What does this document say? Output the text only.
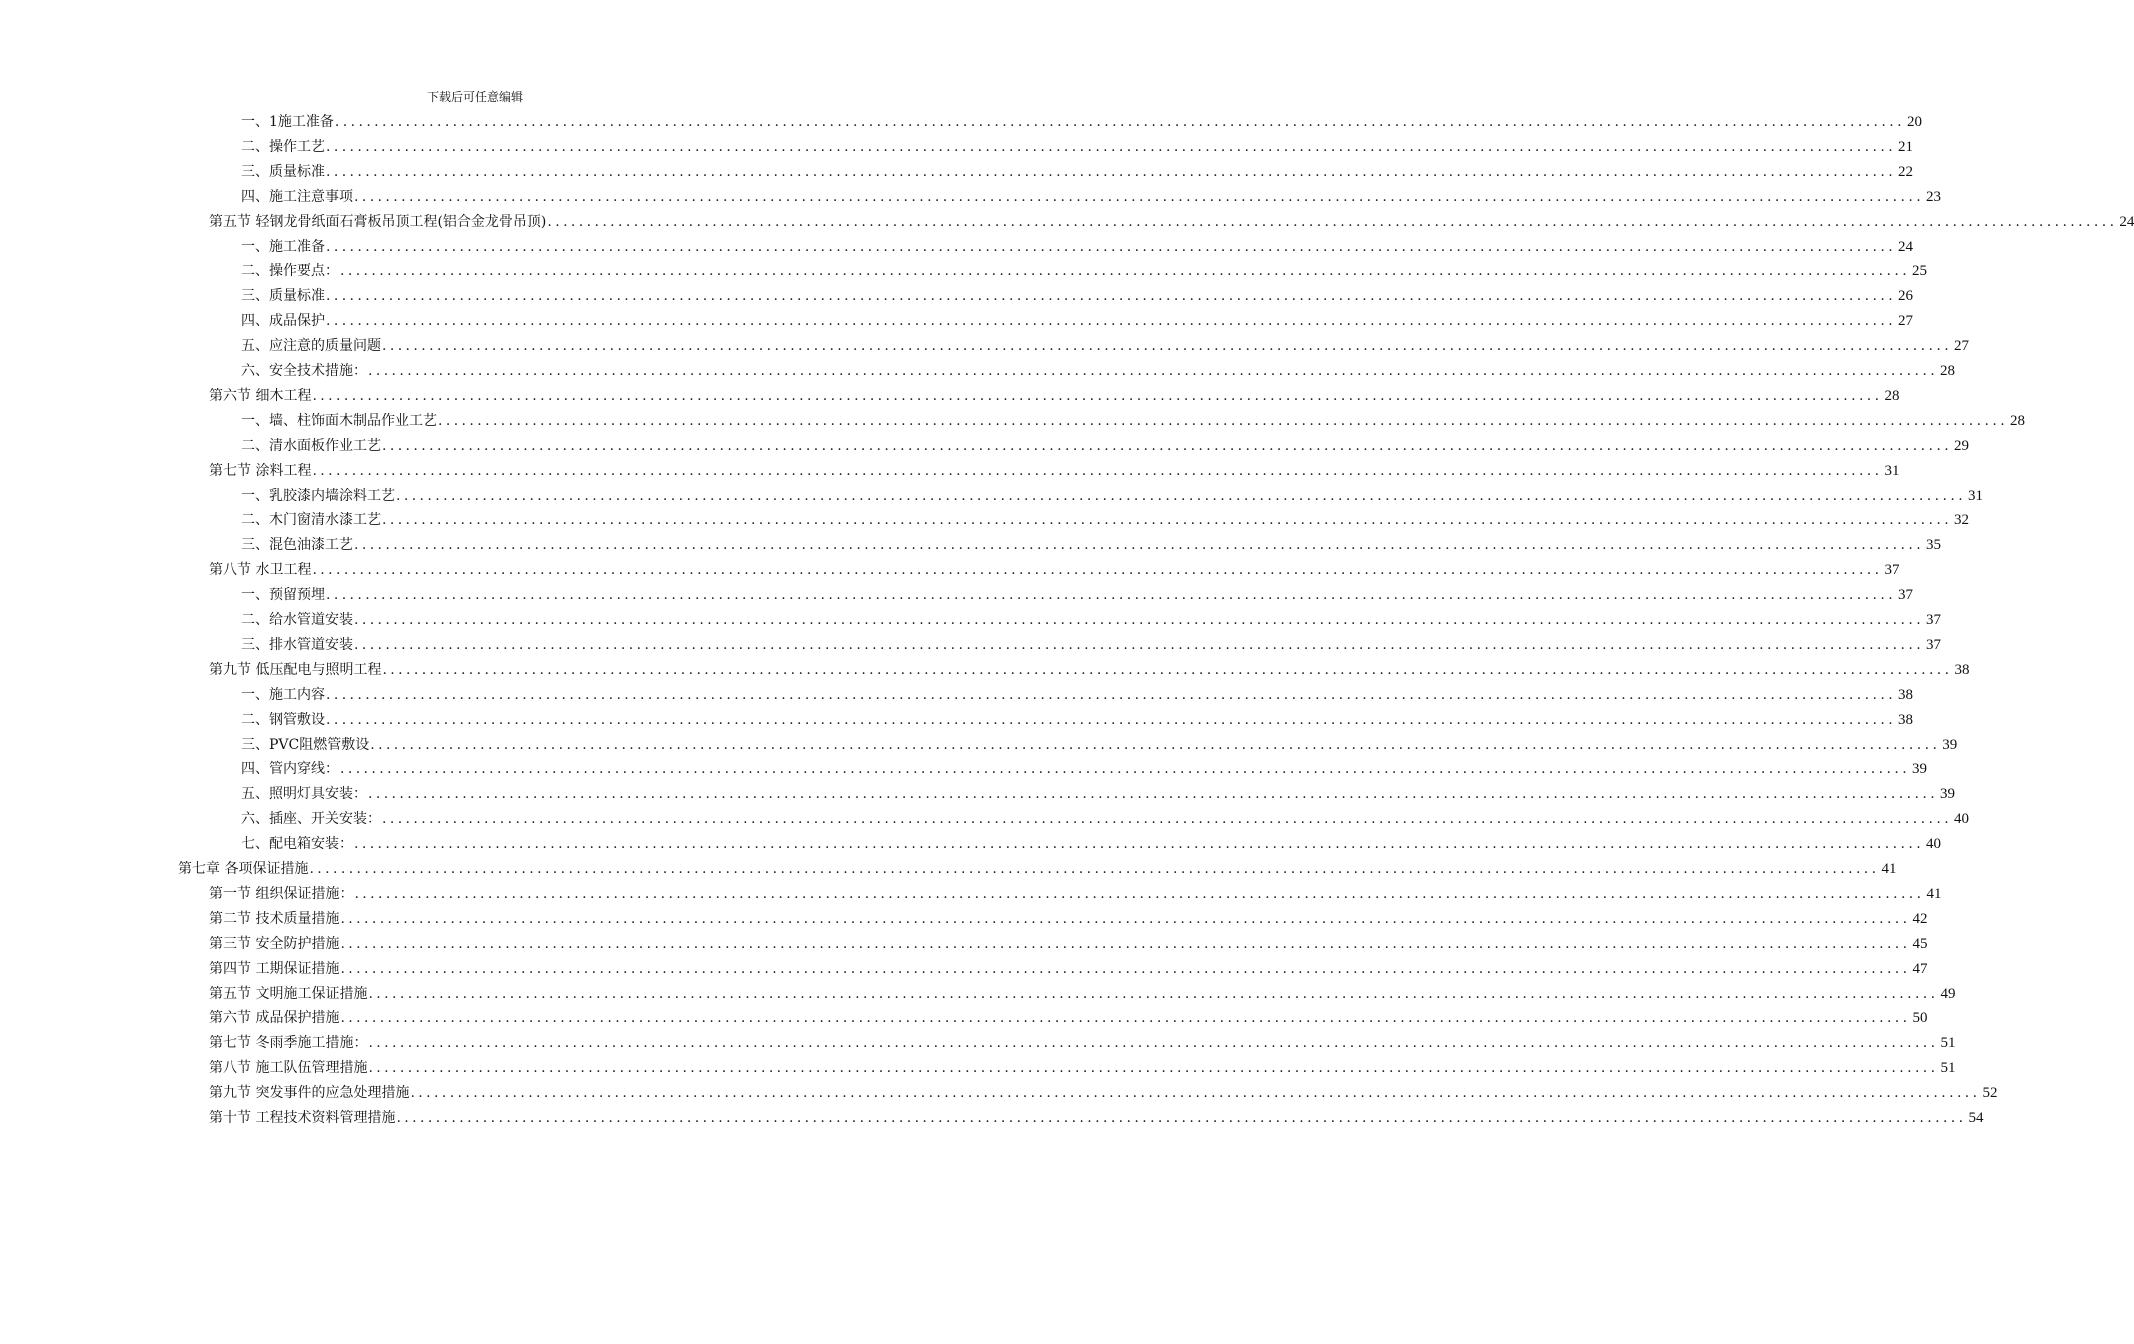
下载后可任意编辑
一、1施工准备 ........................................................................................................................................................................................................ 20
二、操作工艺 ........................................................................................................................................................................................................ 21
三、质量标准 ........................................................................................................................................................................................................ 22
四、施工注意事项 ........................................................................................................................................................................................................ 23
第五节 轻钢龙骨纸面石膏板吊顶工程(铝合金龙骨吊顶) ........................................................................................................................................................................................................ 24
一、施工准备 ........................................................................................................................................................................................................ 24
二、操作要点： ........................................................................................................................................................................................................ 25
三、质量标准 ........................................................................................................................................................................................................ 26
四、成品保护 ........................................................................................................................................................................................................ 27
五、应注意的质量问题 ........................................................................................................................................................................................................ 27
六、安全技术措施： ........................................................................................................................................................................................................ 28
第六节 细木工程 ........................................................................................................................................................................................................ 28
一、墙、柱饰面木制品作业工艺 ........................................................................................................................................................................................................ 28
二、清水面板作业工艺 ........................................................................................................................................................................................................ 29
第七节 涂料工程 ........................................................................................................................................................................................................ 31
一、乳胶漆内墙涂料工艺 ........................................................................................................................................................................................................ 31
二、木门窗清水漆工艺 ........................................................................................................................................................................................................ 32
三、混色油漆工艺 ........................................................................................................................................................................................................ 35
第八节 水卫工程 ........................................................................................................................................................................................................ 37
一、预留预埋 ........................................................................................................................................................................................................ 37
二、给水管道安装 ........................................................................................................................................................................................................ 37
三、排水管道安装 ........................................................................................................................................................................................................ 37
第九节 低压配电与照明工程 ........................................................................................................................................................................................................ 38
一、施工内容 ........................................................................................................................................................................................................ 38
二、钢管敷设 ........................................................................................................................................................................................................ 38
三、PVC阻燃管敷设 ........................................................................................................................................................................................................ 39
四、管内穿线： ........................................................................................................................................................................................................ 39
五、照明灯具安装： ........................................................................................................................................................................................................ 39
六、插座、开关安装： ........................................................................................................................................................................................................ 40
七、配电箱安装： ........................................................................................................................................................................................................ 40
第七章 各项保证措施 ........................................................................................................................................................................................................ 41
第一节 组织保证措施： ........................................................................................................................................................................................................ 41
第二节 技术质量措施 ........................................................................................................................................................................................................ 42
第三节 安全防护措施 ........................................................................................................................................................................................................ 45
第四节 工期保证措施 ........................................................................................................................................................................................................ 47
第五节 文明施工保证措施 ........................................................................................................................................................................................................ 49
第六节 成品保护措施 ........................................................................................................................................................................................................ 50
第七节 冬雨季施工措施： ........................................................................................................................................................................................................ 51
第八节 施工队伍管理措施 ........................................................................................................................................................................................................ 51
第九节 突发事件的应急处理措施 ........................................................................................................................................................................................................ 52
第十节 工程技术资料管理措施 ........................................................................................................................................................................................................ 54
